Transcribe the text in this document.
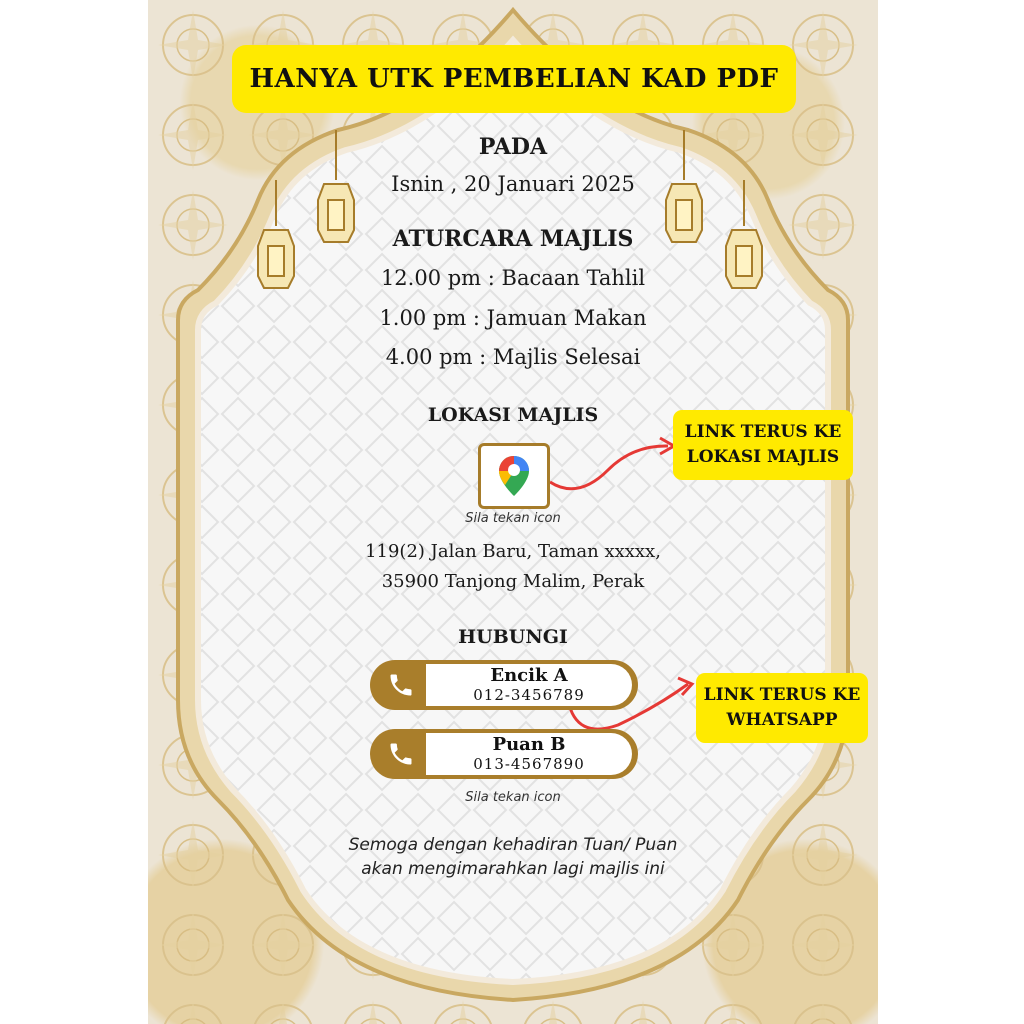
HANYA UTK PEMBELIAN KAD PDF
PADA
Isnin , 20 Januari 2025
ATURCARA MAJLIS
12.00 pm : Bacaan Tahlil
1.00 pm : Jamuan Makan
4.00 pm : Majlis Selesai
LOKASI MAJLIS
Sila tekan icon
119(2) Jalan Baru, Taman xxxxx,
35900 Tanjong Malim, Perak
HUBUNGI
Encik A
012-3456789
Puan B
013-4567890
Sila tekan icon
Semoga dengan kehadiran Tuan/ Puan
akan mengimarahkan lagi majlis ini
LINK TERUS KE
LOKASI MAJLIS
LINK TERUS KE
WHATSAPP
